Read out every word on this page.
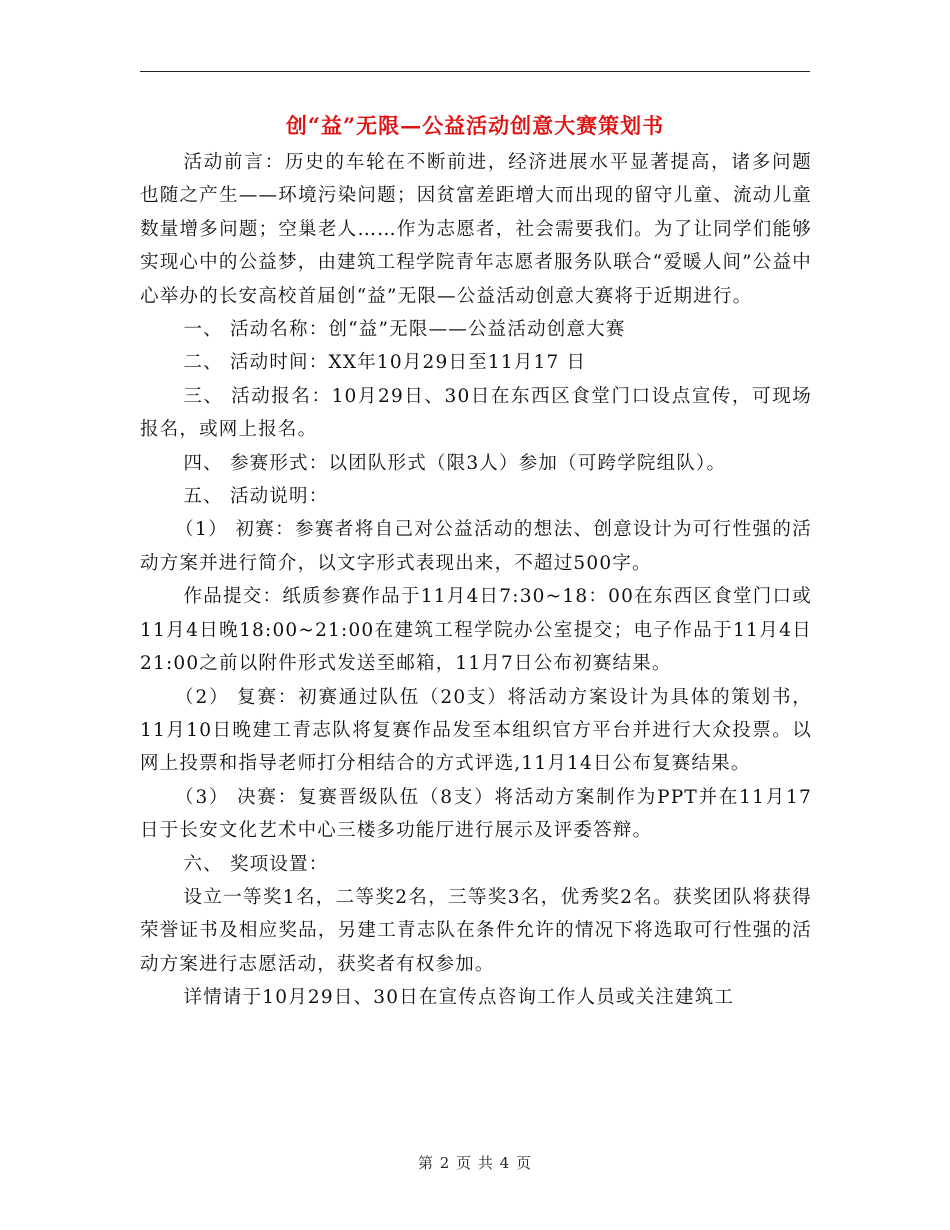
创“益”无限—公益活动创意大赛策划书

活动前言：历史的车轮在不断前进，经济进展水平显著提高，诸多问题也随之产生——环境污染问题；因贫富差距增大而出现的留守儿童、流动儿童数量增多问题；空巢老人……作为志愿者，社会需要我们。为了让同学们能够实现心中的公益梦，由建筑工程学院青年志愿者服务队联合“爱暖人间”公益中心举办的长安高校首届创“益”无限—公益活动创意大赛将于近期进行。

一、 活动名称：创“益”无限——公益活动创意大赛

二、 活动时间：XX年10月29日至11月17 日

三、 活动报名：10月29日、30日在东西区食堂门口设点宣传，可现场报名，或网上报名。

四、 参赛形式：以团队形式（限3人）参加（可跨学院组队）。

五、 活动说明：

（1） 初赛：参赛者将自己对公益活动的想法、创意设计为可行性强的活动方案并进行简介，以文字形式表现出来，不超过500字。

作品提交：纸质参赛作品于11月4日7:30~18：00在东西区食堂门口或11月4日晚18:00~21:00在建筑工程学院办公室提交；电子作品于11月4日21:00之前以附件形式发送至邮箱，11月7日公布初赛结果。

（2） 复赛：初赛通过队伍（20支）将活动方案设计为具体的策划书，11月10日晚建工青志队将复赛作品发至本组织官方平台并进行大众投票。以网上投票和指导老师打分相结合的方式评选,11月14日公布复赛结果。

（3） 决赛：复赛晋级队伍（8支）将活动方案制作为PPT并在11月17日于长安文化艺术中心三楼多功能厅进行展示及评委答辩。

六、 奖项设置：

设立一等奖1名，二等奖2名，三等奖3名，优秀奖2名。获奖团队将获得荣誉证书及相应奖品，另建工青志队在条件允许的情况下将选取可行性强的活动方案进行志愿活动，获奖者有权参加。

详情请于10月29日、30日在宣传点咨询工作人员或关注建筑工

第 2 页 共 4 页
